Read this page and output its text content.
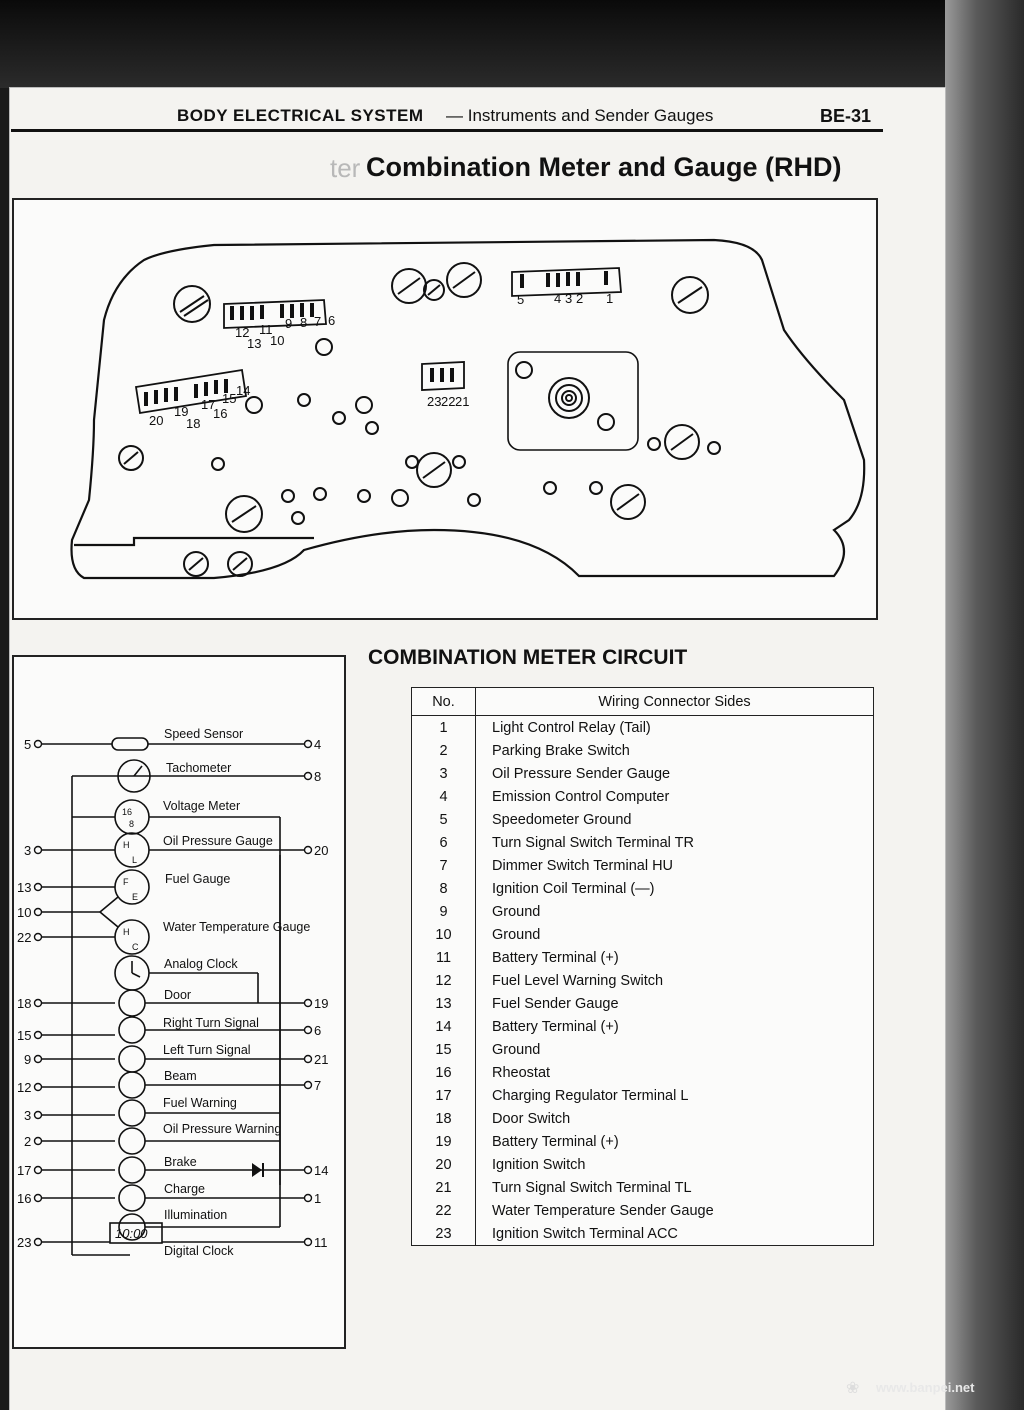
ter
BODY ELECTRICAL SYSTEM — Instruments and Sender Gauges	BE-31
Combination Meter and Gauge (RHD)
12 11 9 8 7 6
13 10
5 4 3 2 1
20
19
18
17
16
15
14
23 22 21
COMBINATION METER CIRCUIT
Speed Sensor
Tachometer
Voltage Meter
Oil Pressure Gauge
Fuel Gauge
Water Temperature Gauge
Analog Clock
Door
Right Turn Signal
Left Turn Signal
Beam
Fuel Warning
Oil Pressure Warning
Brake
Charge
Illumination
Digital Clock
16
8
H
L
F
E
H
C
10:00
5
3
13
10
22
18
15
9
12
3
2
17
16
23
4
8
20
19
6
21
7
14
1
11
No.	Wiring Connector Sides
1	Light Control Relay (Tail)
2	Parking Brake Switch
3	Oil Pressure Sender Gauge
4	Emission Control Computer
5	Speedometer Ground
6	Turn Signal Switch Terminal TR
7	Dimmer Switch Terminal HU
8	Ignition Coil Terminal (—)
9	Ground
10	Ground
11	Battery Terminal (+)
12	Fuel Level Warning Switch
13	Fuel Sender Gauge
14	Battery Terminal (+)
15	Ground
16	Rheostat
17	Charging Regulator Terminal L
18	Door Switch
19	Battery Terminal (+)
20	Ignition Switch
21	Turn Signal Switch Terminal TL
22	Water Temperature Sender Gauge
23	Ignition Switch Terminal ACC
❀ www.banpei.net
